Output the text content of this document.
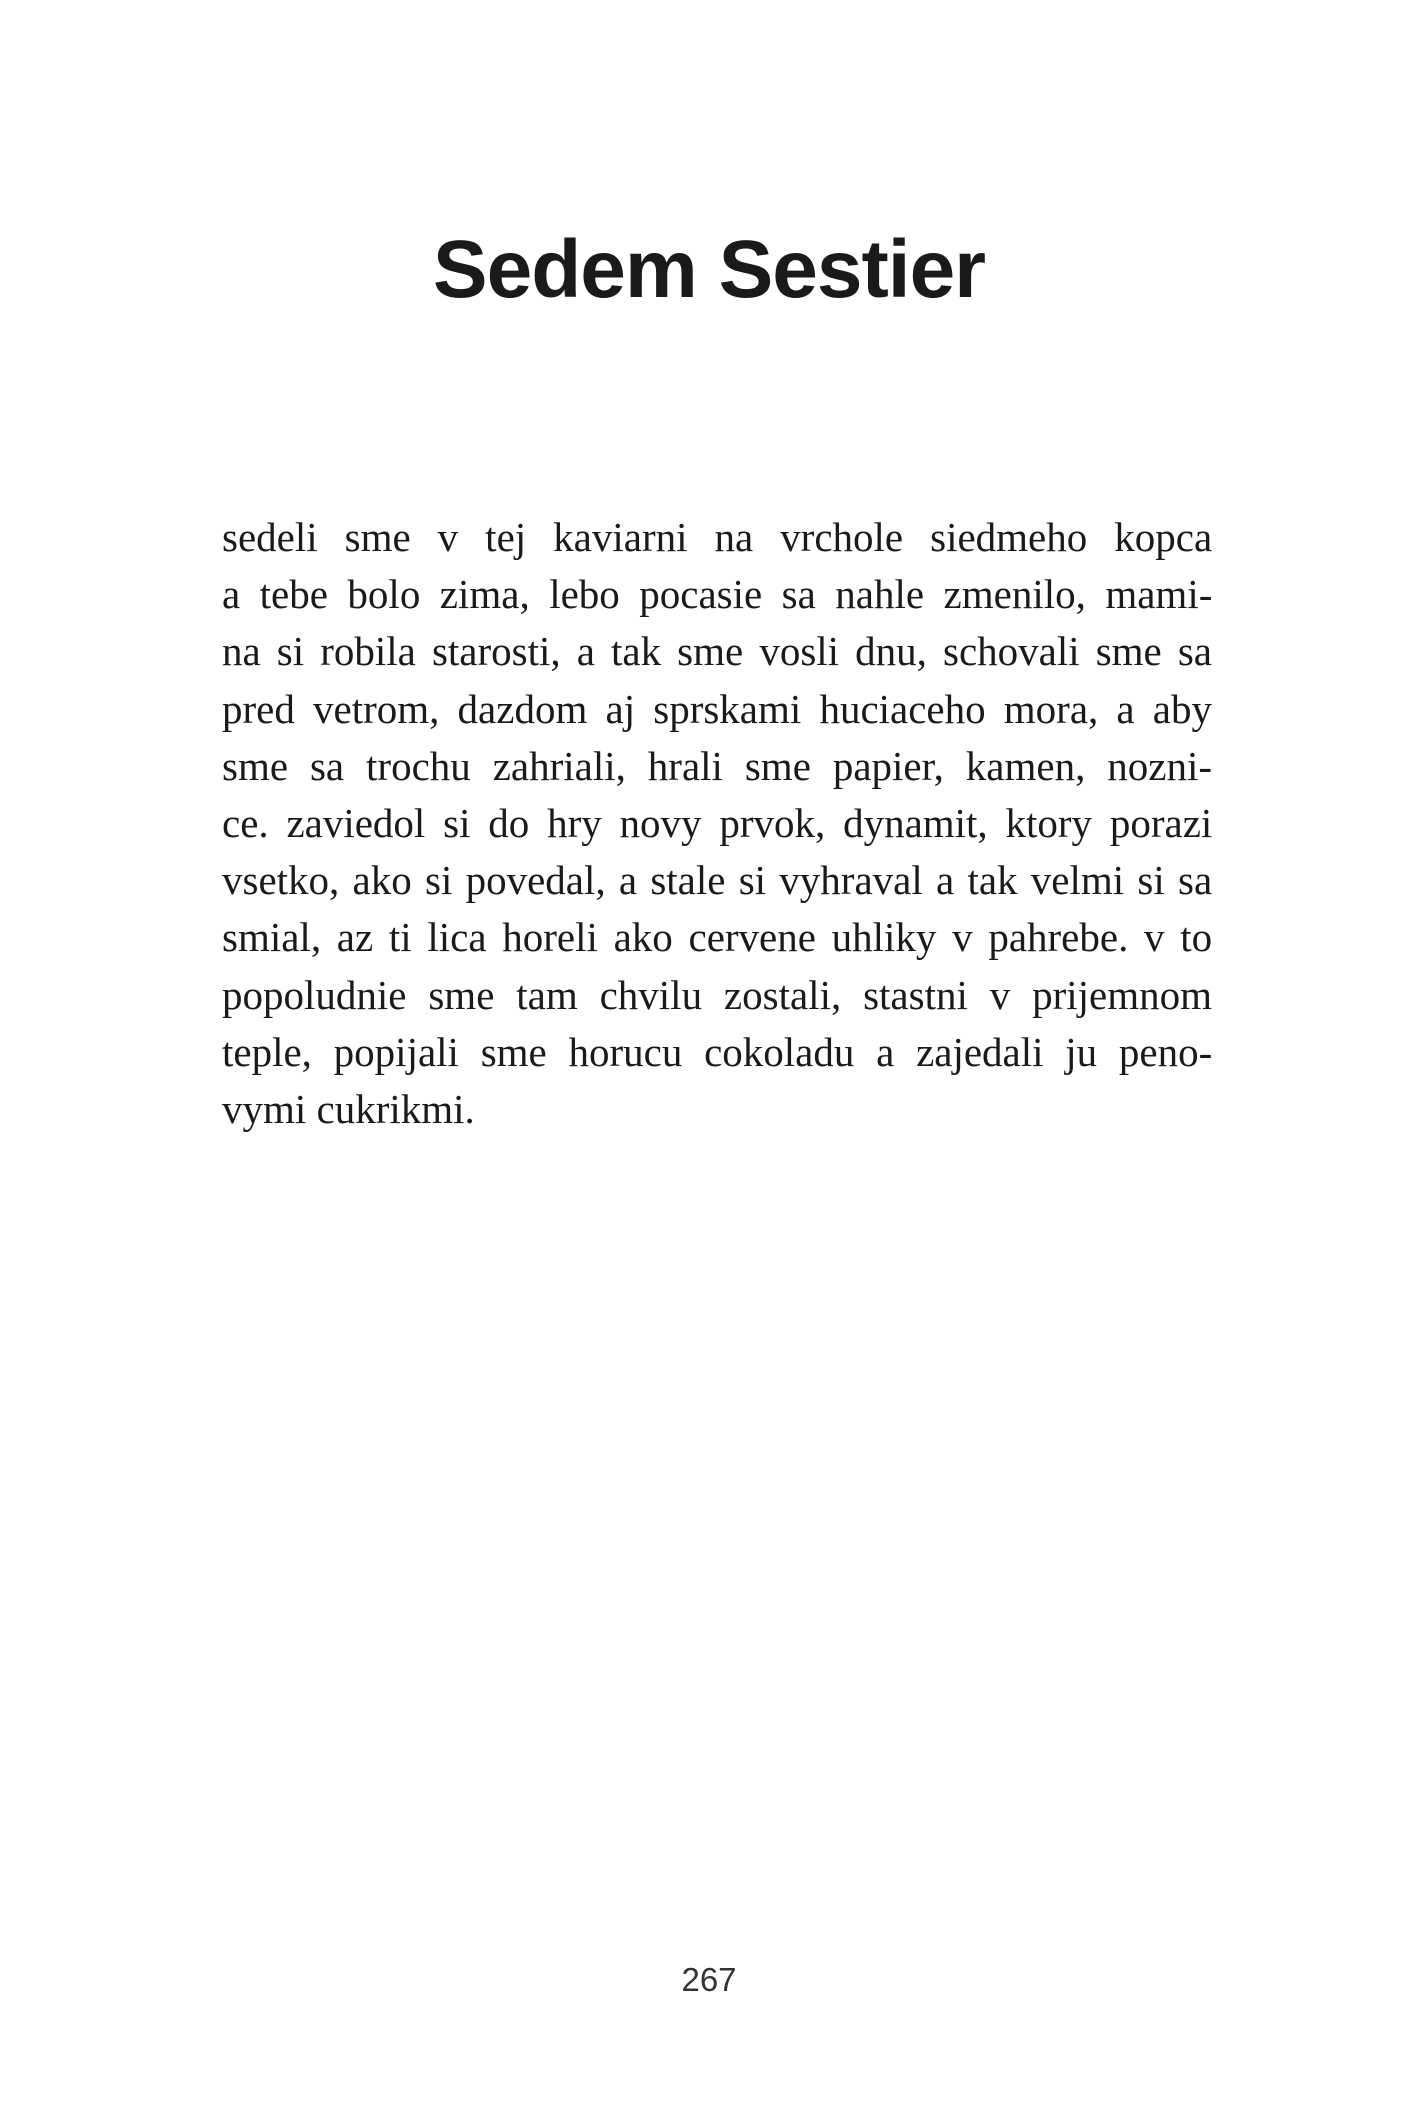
Sedem Sestier
sedeli sme v tej kaviarni na vrchole siedmeho kopca
a tebe bolo zima, lebo pocasie sa nahle zmenilo, mami-
na si robila starosti, a tak sme vosli dnu, schovali sme sa
pred vetrom, dazdom aj sprskami huciaceho mora, a aby
sme sa trochu zahriali, hrali sme papier, kamen, nozni-
ce. zaviedol si do hry novy prvok, dynamit, ktory porazi
vsetko, ako si povedal, a stale si vyhraval a tak velmi si sa
smial, az ti lica horeli ako cervene uhliky v pahrebe. v to
popoludnie sme tam chvilu zostali, stastni v prijemnom
teple, popijali sme horucu cokoladu a zajedali ju peno-
vymi cukrikmi.
267
